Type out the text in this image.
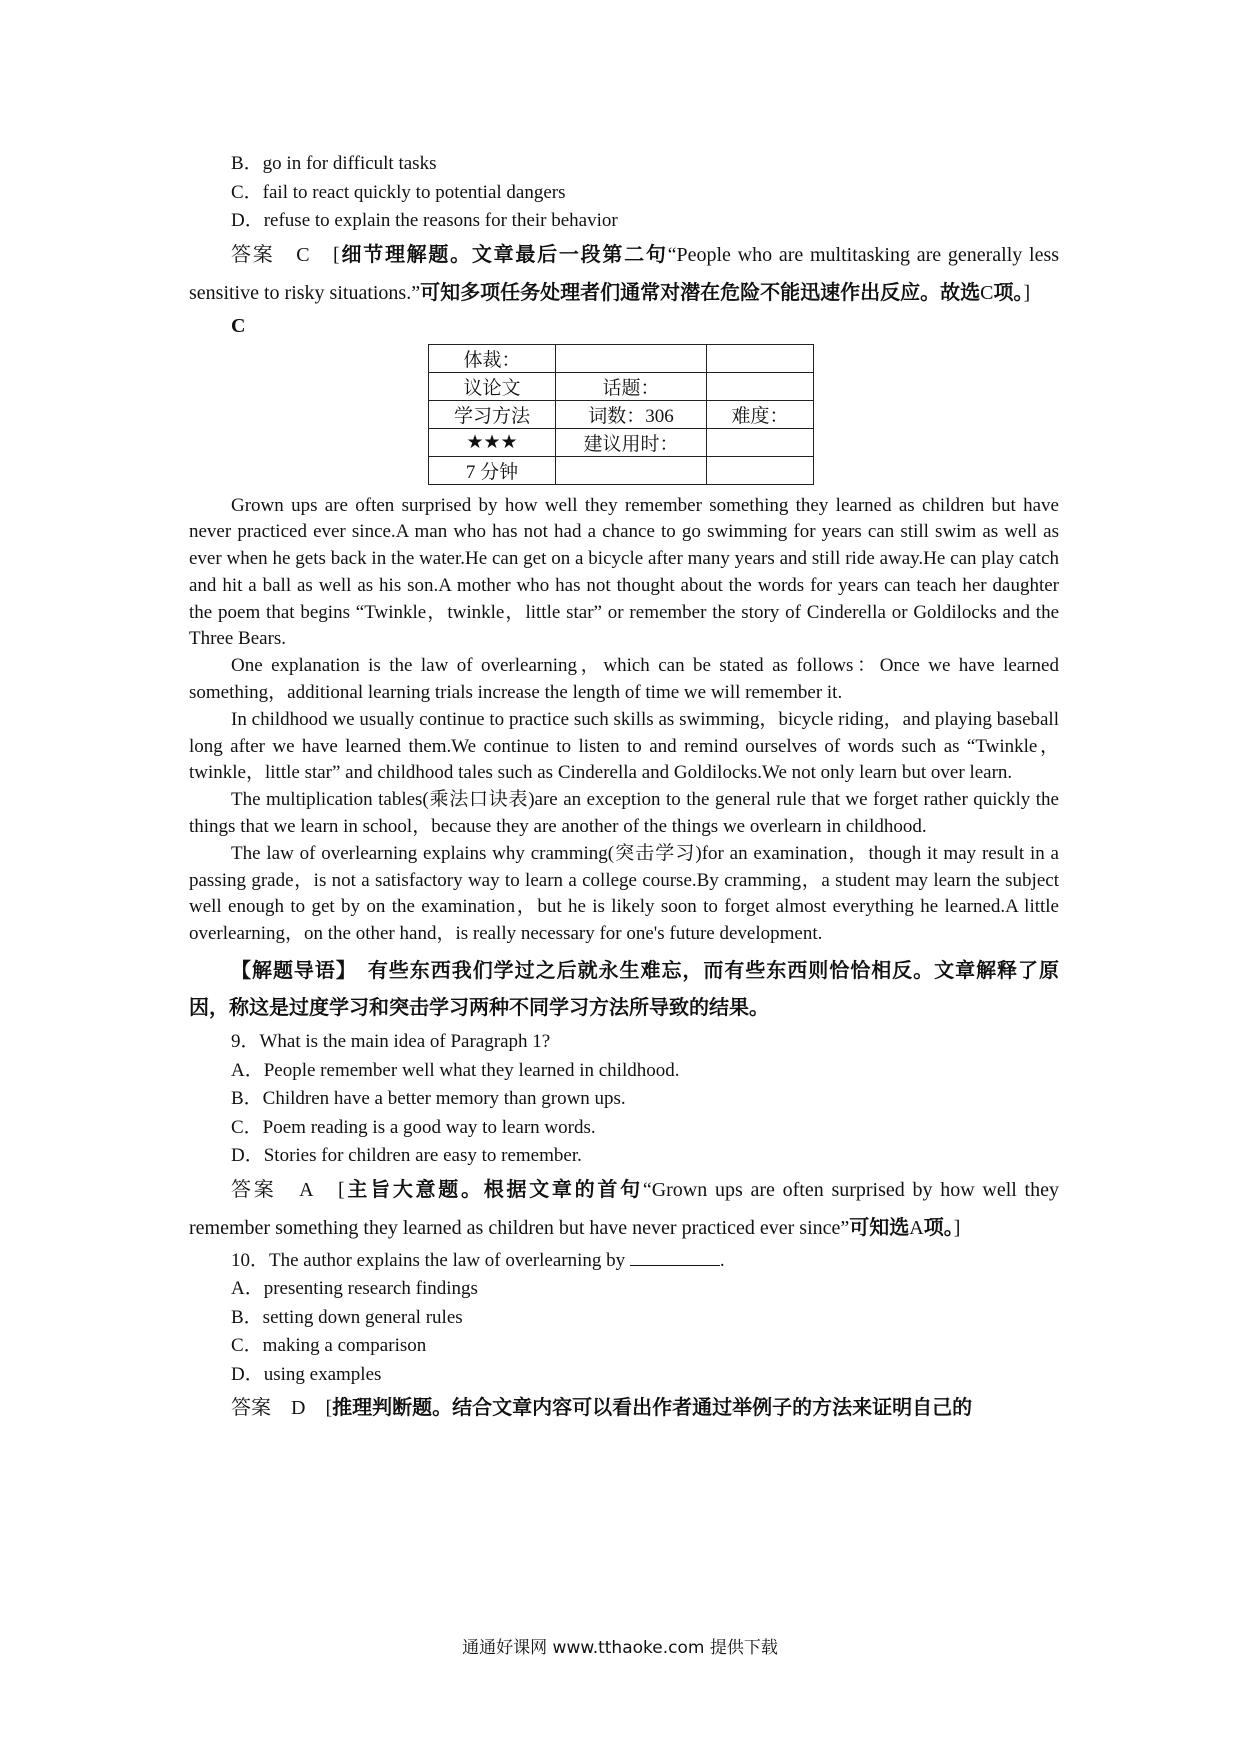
B．go in for difficult tasks

C．fail to react quickly to potential dangers

D．refuse to explain the reasons for their behavior

答案　C　[细节理解题。文章最后一段第二句“People who are multitasking are generally less sensitive to risky situations.”可知多项任务处理者们通常对潜在危险不能迅速作出反应。故选C项。]

C

体裁：		
议论文	话题：	
学习方法	词数：306	难度：
★★★	建议用时：	
7 分钟		

Grown ups are often surprised by how well they remember something they learned as children but have never practiced ever since.A man who has not had a chance to go swimming for years can still swim as well as ever when he gets back in the water.He can get on a bicycle after many years and still ride away.He can play catch and hit a ball as well as his son.A mother who has not thought about the words for years can teach her daughter the poem that begins “Twinkle，twinkle，little star” or remember the story of Cinderella or Goldilocks and the Three Bears.

One explanation is the law of overlearning，which can be stated as follows：Once we have learned something，additional learning trials increase the length of time we will remember it.

In childhood we usually continue to practice such skills as swimming，bicycle riding，and playing baseball long after we have learned them.We continue to listen to and remind ourselves of words such as “Twinkle，twinkle，little star” and childhood tales such as Cinderella and Goldilocks.We not only learn but over learn.

The multiplication tables(乘法口诀表)are an exception to the general rule that we forget rather quickly the things that we learn in school，because they are another of the things we overlearn in childhood.

The law of overlearning explains why cramming(突击学习)for an examination，though it may result in a passing grade，is not a satisfactory way to learn a college course.By cramming，a student may learn the subject well enough to get by on the examination，but he is likely soon to forget almost everything he learned.A little overlearning，on the other hand，is really necessary for one's future development.

【解题导语】　有些东西我们学过之后就永生难忘，而有些东西则恰恰相反。文章解释了原因，称这是过度学习和突击学习两种不同学习方法所导致的结果。

9．What is the main idea of Paragraph 1?

A．People remember well what they learned in childhood.

B．Children have a better memory than grown ups.

C．Poem reading is a good way to learn words.

D．Stories for children are easy to remember.

答案　A　[主旨大意题。根据文章的首句“Grown ups are often surprised by how well they remember something they learned as children but have never practiced ever since”可知选A项。]

10．The author explains the law of overlearning by	.

A．presenting research findings

B．setting down general rules

C．making a comparison

D．using examples

答案　D　[推理判断题。结合文章内容可以看出作者通过举例子的方法来证明自己的

通通好课网 www.tthaoke.com 提供下载
